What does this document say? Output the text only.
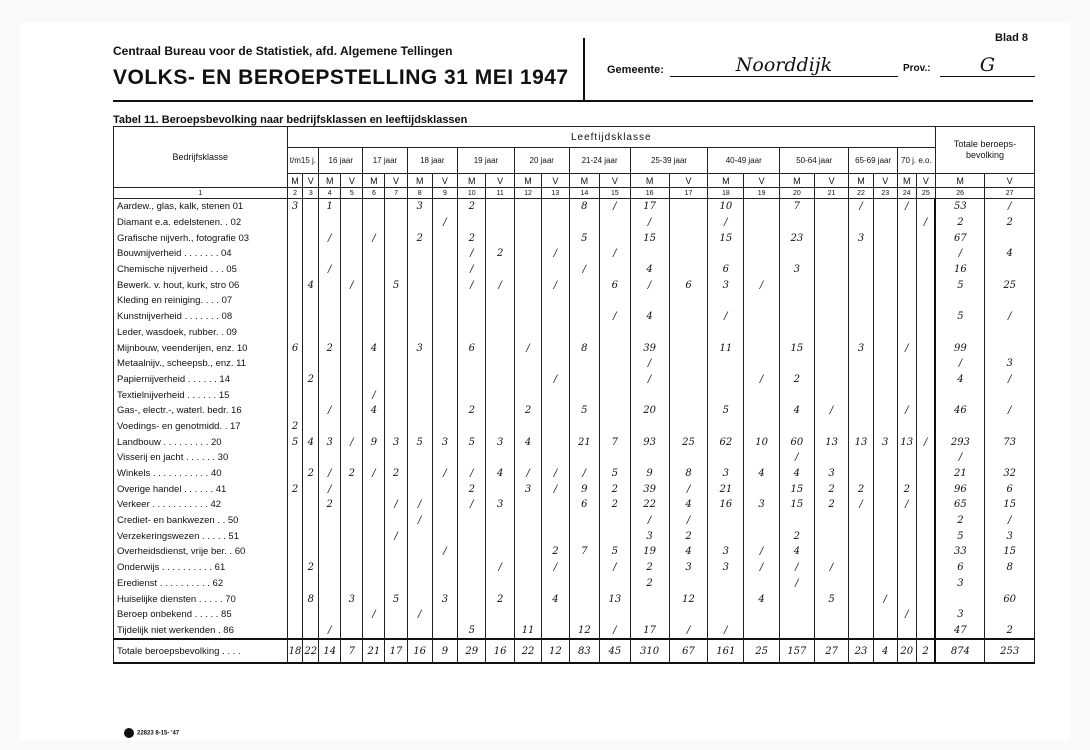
Centraal Bureau voor de Statistiek, afd. Algemene Tellingen
VOLKS- EN BEROEPSTELLING 31 MEI 1947
Blad 8
Gemeente:	Noorddijk	Prov.:	G
Tabel 11. Beroepsbevolking naar bedrijfsklassen en leeftijdsklassen
Bedrijfsklasse	Leeftijdsklasse																								Totale beroeps-bevolking	
	t/m15 j.		16 jaar		17 jaar		18 jaar		19 jaar		20 jaar		21-24 jaar		25-39 jaar		40-49 jaar		50-64 jaar		65-69 jaar		70 j. e.o.			
	M	V	M	V	M	V	M	V	M	V	M	V	M	V	M	V	M	V	M	V	M	V	M	V	M	V
1	2	3	4	5	6	7	8	9	10	11	12	13	14	15	16	17	18	19	20	21	22	23	24	25	26	27
Aardew., glas, kalk, stenen 01	3		1				3		2				8	/	17		10		7		/		/		53	/
Diamant e.a. edelstenen. . 02								/							/		/							/	2	2
Grafische nijverh., fotografie 03			/		/		2		2				5		15		15		23		3				67	
Bouwnijverheid . . . . . . . 04									/	2		/		/											/	4
Chemische nijverheid . . . 05			/						/				/		4		6		3						16	
Bewerk. v. hout, kurk, stro 06		4		/		5			/	/		/		6	/	6	3	/							5	25
Kleding en reiniging. . . . 07																										
Kunstnijverheid . . . . . . . 08														/	4		/								5	/
Leder, wasdoek, rubber. . 09																										
Mijnbouw, veenderijen, enz. 10	6		2		4		3		6		/		8		39		11		15		3		/		99	
Metaalnijv., scheepsb., enz. 11															/										/	3
Papiernijverheid . . . . . . 14		2										/			/			/	2						4	/
Textielnijverheid . . . . . . 15					/																					
Gas-, electr.-, waterl. bedr. 16			/		4				2		2		5		20		5		4	/			/		46	/
Voedings- en genotmidd. . 17	2																									
Landbouw . . . . . . . . . 20	5	4	3	/	9	3	5	3	5	3	4		21	7	93	25	62	10	60	13	13	3	13	/	293	73
Visserij en jacht . . . . . . 30																			/						/	
Winkels . . . . . . . . . . . 40		2	/	2	/	2		/	/	4	/	/	/	5	9	8	3	4	4	3					21	32
Overige handel . . . . . . 41	2		/						2		3	/	9	2	39	/	21		15	2	2		2		96	6
Verkeer . . . . . . . . . . . 42			2			/	/		/	3			6	2	22	4	16	3	15	2	/		/		65	15
Crediet- en bankwezen . . 50							/								/	/									2	/
Verzekeringswezen . . . . . 51						/									3	2			2						5	3
Overheidsdienst, vrije ber. . 60								/				2	7	5	19	4	3	/	4						33	15
Onderwijs . . . . . . . . . . 61		2								/		/		/	2	3	3	/	/	/					6	8
Eredienst . . . . . . . . . . 62															2				/						3	
Huiselijke diensten . . . . . 70		8		3		5		3		2		4		13		12		4		5		/				60
Beroep onbekend . . . . . 85					/		/																/		3	
Tijdelijk niet werkenden . 86			/						5		11		12	/	17	/	/								47	2
Totale beroepsbevolking . . . .	18	22	14	7	21	17	16	9	29	16	22	12	83	45	310	67	161	25	157	27	23	4	20	2	874	253
22823 8-15- '47
